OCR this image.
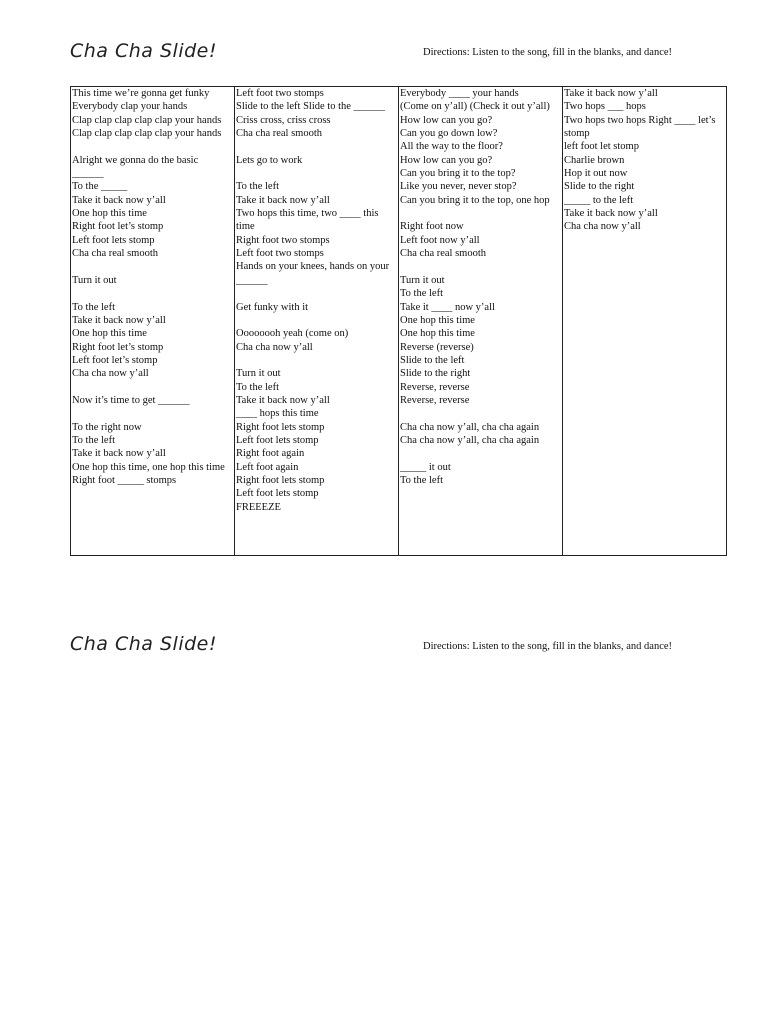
Cha Cha Slide!	Directions: Listen to the song, fill in the blanks, and dance!
This time we’re gonna get funky
Everybody clap your hands
Clap clap clap clap clap your hands
Clap clap clap clap clap your hands
Alright we gonna do the basic
______
To the _____
Take it back now y’all
One hop this time
Right foot let’s stomp
Left foot lets stomp
Cha cha real smooth
Turn it out
To the left
Take it back now y’all
One hop this time
Right foot let’s stomp
Left foot let’s stomp
Cha cha now y’all
Now it’s time to get ______
To the right now
To the left
Take it back now y’all
One hop this time, one hop this time
Right foot _____ stomps

Left foot two stomps
Slide to the left Slide to the ______
Criss cross, criss cross
Cha cha real smooth
Lets go to work
To the left
Take it back now y’all
Two hops this time, two ____ this time
Right foot two stomps
Left foot two stomps
Hands on your knees, hands on your ______
Get funky with it
Oooooooh yeah (come on)
Cha cha now y’all
Turn it out
To the left
Take it back now y’all
____ hops this time
Right foot lets stomp
Left foot lets stomp
Right foot again
Left foot again
Right foot lets stomp
Left foot lets stomp
FREEEZE

Everybody ____ your hands
(Come on y’all) (Check it out y’all)
How low can you go?
Can you go down low?
All the way to the floor?
How low can you go?
Can you bring it to the top?
Like you never, never stop?
Can you bring it to the top, one hop
Right foot now
Left foot now y’all
Cha cha real smooth
Turn it out
To the left
Take it ____ now y’all
One hop this time
One hop this time
Reverse (reverse)
Slide to the left
Slide to the right
Reverse, reverse
Reverse, reverse
Cha cha now y’all, cha cha again
Cha cha now y’all, cha cha again
_____ it out
To the left

Take it back now y’all
Two hops ___ hops
Two hops two hops Right ____ let’s stomp
left foot let stomp
Charlie brown
Hop it out now
Slide to the right
_____ to the left
Take it back now y’all
Cha cha now y’all
Cha Cha Slide!	Directions: Listen to the song, fill in the blanks, and dance!
